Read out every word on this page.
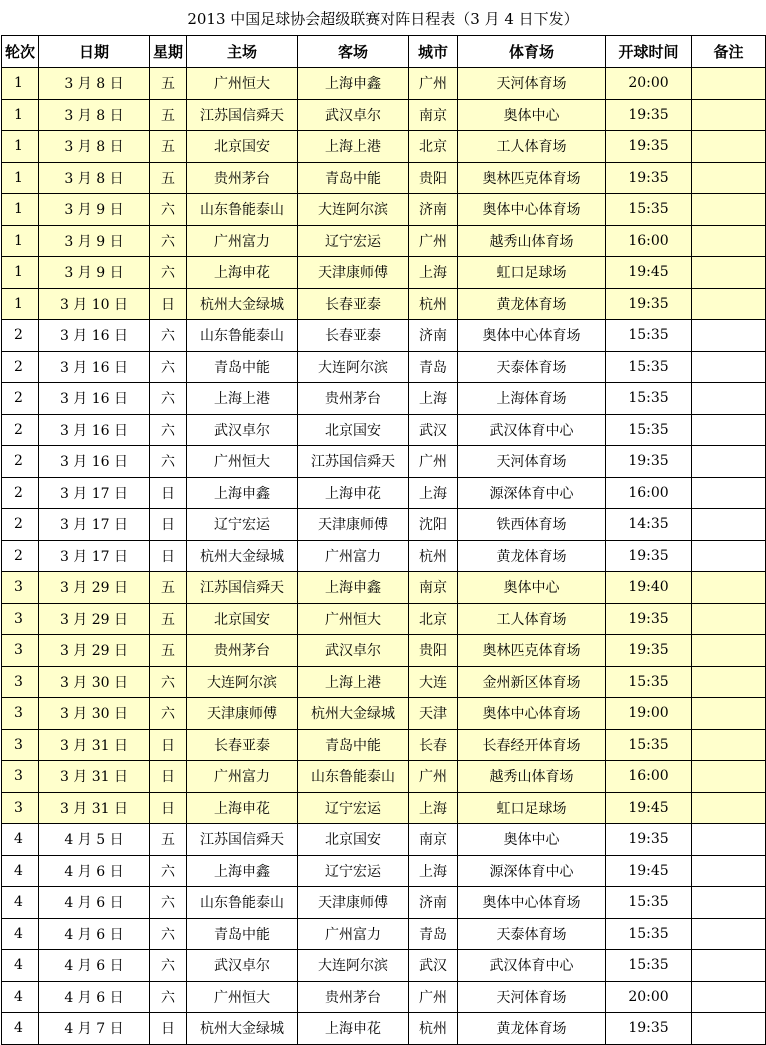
2013 中国足球协会超级联赛对阵日程表（3 月 4 日下发）
轮次	日期	星期	主场	客场	城市	体育场	开球时间	备注
1	3 月 8 日	五	广州恒大	上海申鑫	广州	天河体育场	20:00	
1	3 月 8 日	五	江苏国信舜天	武汉卓尔	南京	奥体中心	19:35	
1	3 月 8 日	五	北京国安	上海上港	北京	工人体育场	19:35	
1	3 月 8 日	五	贵州茅台	青岛中能	贵阳	奥林匹克体育场	19:35	
1	3 月 9 日	六	山东鲁能泰山	大连阿尔滨	济南	奥体中心体育场	15:35	
1	3 月 9 日	六	广州富力	辽宁宏运	广州	越秀山体育场	16:00	
1	3 月 9 日	六	上海申花	天津康师傅	上海	虹口足球场	19:45	
1	3 月 10 日	日	杭州大金绿城	长春亚泰	杭州	黄龙体育场	19:35	
2	3 月 16 日	六	山东鲁能泰山	长春亚泰	济南	奥体中心体育场	15:35	
2	3 月 16 日	六	青岛中能	大连阿尔滨	青岛	天泰体育场	15:35	
2	3 月 16 日	六	上海上港	贵州茅台	上海	上海体育场	15:35	
2	3 月 16 日	六	武汉卓尔	北京国安	武汉	武汉体育中心	15:35	
2	3 月 16 日	六	广州恒大	江苏国信舜天	广州	天河体育场	19:35	
2	3 月 17 日	日	上海申鑫	上海申花	上海	源深体育中心	16:00	
2	3 月 17 日	日	辽宁宏运	天津康师傅	沈阳	铁西体育场	14:35	
2	3 月 17 日	日	杭州大金绿城	广州富力	杭州	黄龙体育场	19:35	
3	3 月 29 日	五	江苏国信舜天	上海申鑫	南京	奥体中心	19:40	
3	3 月 29 日	五	北京国安	广州恒大	北京	工人体育场	19:35	
3	3 月 29 日	五	贵州茅台	武汉卓尔	贵阳	奥林匹克体育场	19:35	
3	3 月 30 日	六	大连阿尔滨	上海上港	大连	金州新区体育场	15:35	
3	3 月 30 日	六	天津康师傅	杭州大金绿城	天津	奥体中心体育场	19:00	
3	3 月 31 日	日	长春亚泰	青岛中能	长春	长春经开体育场	15:35	
3	3 月 31 日	日	广州富力	山东鲁能泰山	广州	越秀山体育场	16:00	
3	3 月 31 日	日	上海申花	辽宁宏运	上海	虹口足球场	19:45	
4	4 月 5 日	五	江苏国信舜天	北京国安	南京	奥体中心	19:35	
4	4 月 6 日	六	上海申鑫	辽宁宏运	上海	源深体育中心	19:45	
4	4 月 6 日	六	山东鲁能泰山	天津康师傅	济南	奥体中心体育场	15:35	
4	4 月 6 日	六	青岛中能	广州富力	青岛	天泰体育场	15:35	
4	4 月 6 日	六	武汉卓尔	大连阿尔滨	武汉	武汉体育中心	15:35	
4	4 月 6 日	六	广州恒大	贵州茅台	广州	天河体育场	20:00	
4	4 月 7 日	日	杭州大金绿城	上海申花	杭州	黄龙体育场	19:35	
